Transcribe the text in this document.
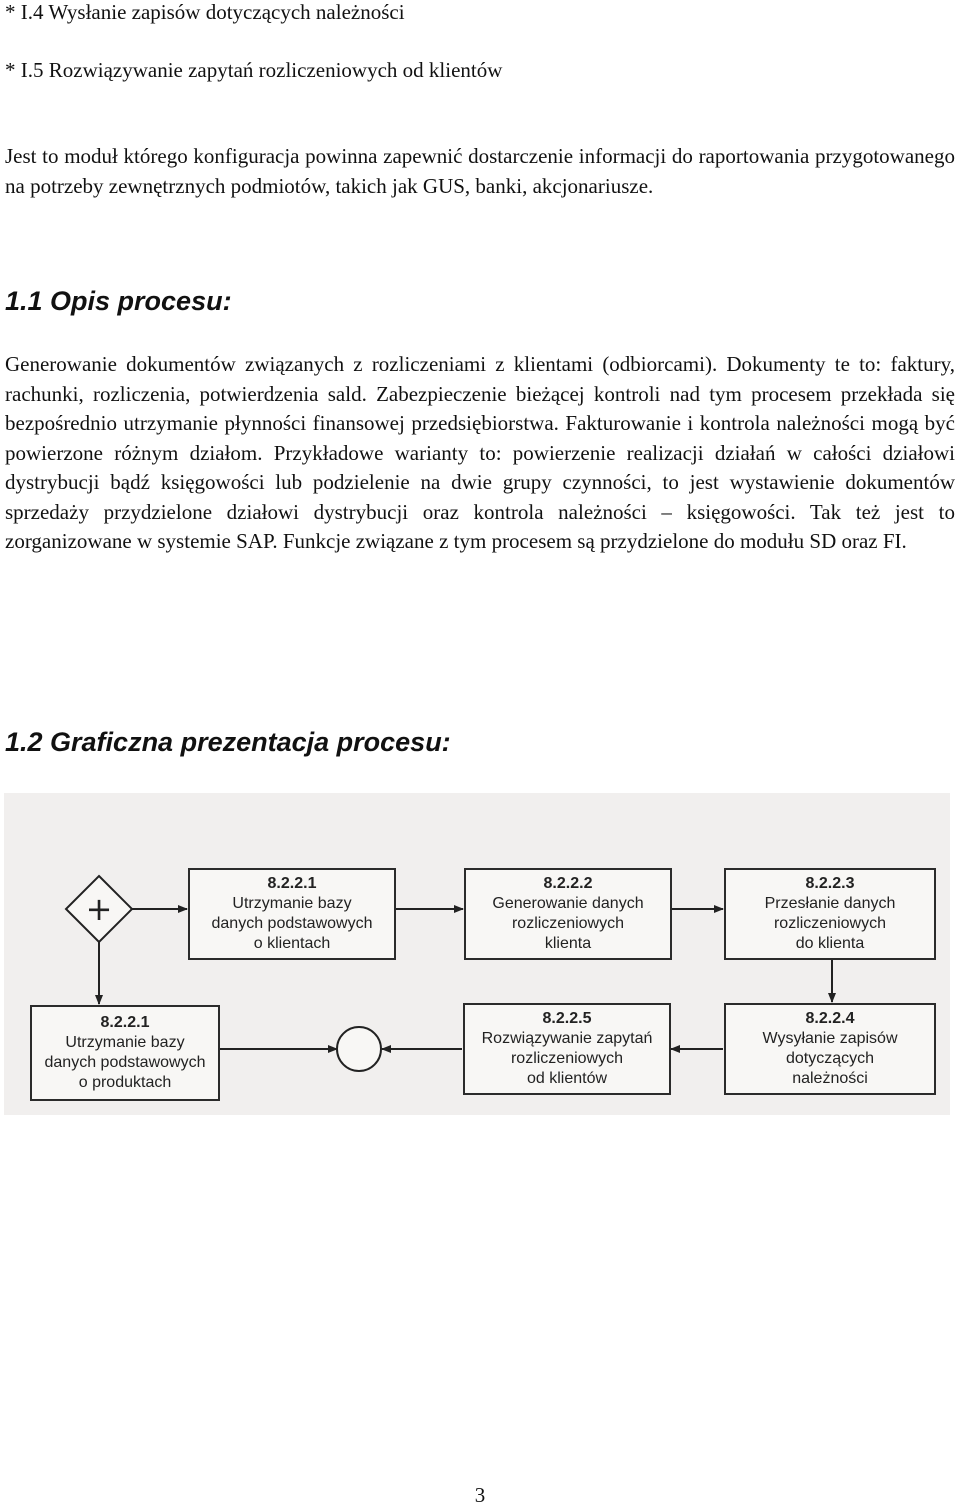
* I.4 Wysłanie zapisów dotyczących należności
* I.5 Rozwiązywanie zapytań rozliczeniowych od klientów
Jest to moduł którego konfiguracja powinna zapewnić dostarczenie informacji do raportowania przygotowanego na potrzeby zewnętrznych podmiotów, takich jak GUS, banki, akcjonariusze.
1.1 Opis procesu:
Generowanie dokumentów związanych z rozliczeniami z klientami (odbiorcami). Dokumenty te to: faktury, rachunki, rozliczenia, potwierdzenia sald. Zabezpieczenie bieżącej kontroli nad tym procesem przekłada się bezpośrednio utrzymanie płynności finansowej przedsiębiorstwa. Fakturowanie i kontrola należności mogą być powierzone różnym działom. Przykładowe warianty to: powierzenie realizacji działań w całości działowi dystrybucji bądź księgowości lub podzielenie na dwie grupy czynności, to jest wystawienie dokumentów sprzedaży przydzielone działowi dystrybucji oraz kontrola należności – księgowości. Tak też jest to zorganizowane w systemie SAP. Funkcje związane z tym procesem są przydzielone do modułu SD oraz FI.
1.2 Graficzna prezentacja procesu:
+
8.2.2.1
Utrzymanie bazy
danych podstawowych
o klientach
8.2.2.2
Generowanie danych
rozliczeniowych
klienta
8.2.2.3
Przesłanie danych
rozliczeniowych
do klienta
8.2.2.1
Utrzymanie bazy
danych podstawowych
o produktach
8.2.2.5
Rozwiązywanie zapytań
rozliczeniowych
od klientów
8.2.2.4
Wysyłanie zapisów
dotyczących
należności
3
